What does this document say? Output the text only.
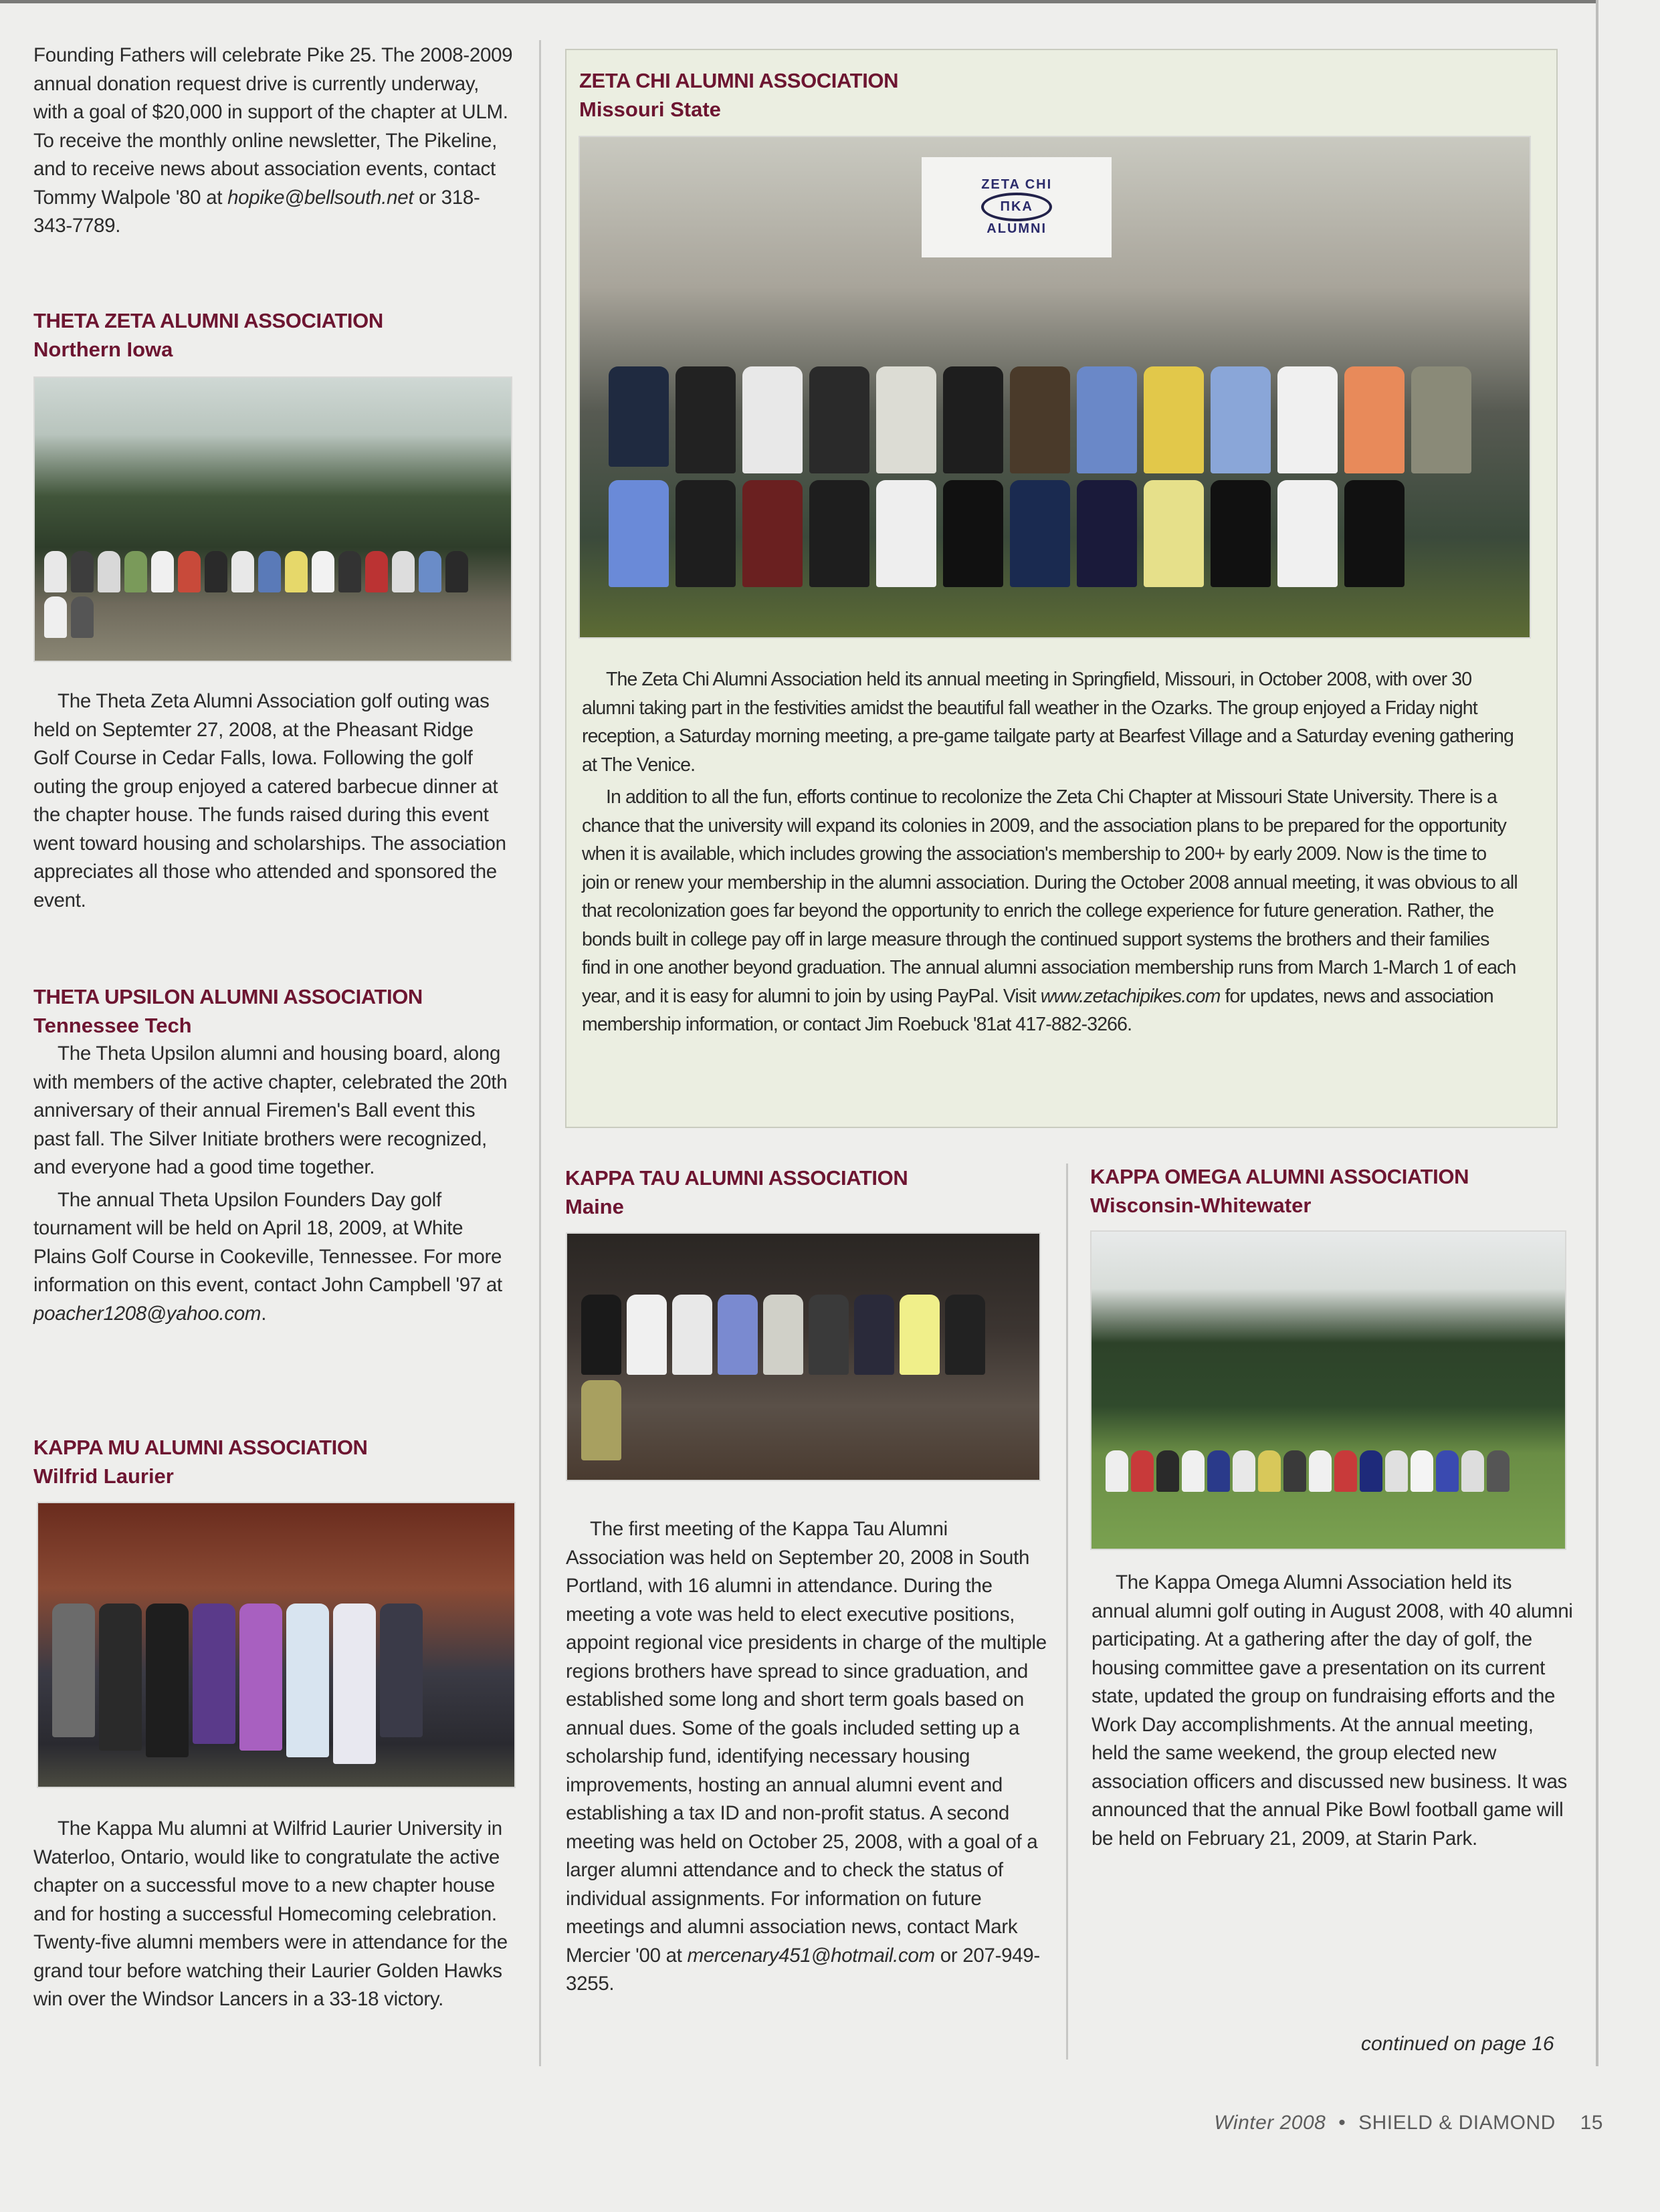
Founding Fathers will celebrate Pike 25. The 2008-2009 annual donation request drive is currently underway, with a goal of $20,000 in support of the chapter at ULM. To receive the monthly online newsletter, The Pikeline, and to receive news about association events, contact Tommy Walpole '80 at hopike@bellsouth.net or 318-343-7789.

THETA ZETA ALUMNI ASSOCIATION
Northern Iowa

The Theta Zeta Alumni Association golf outing was held on Septemter 27, 2008, at the Pheasant Ridge Golf Course in Cedar Falls, Iowa. Following the golf outing the group enjoyed a catered barbecue dinner at the chapter house. The funds raised during this event went toward housing and scholarships. The association appreciates all those who attended and sponsored the event.

THETA UPSILON ALUMNI ASSOCIATION
Tennessee Tech

The Theta Upsilon alumni and housing board, along with members of the active chapter, celebrated the 20th anniversary of their annual Firemen's Ball event this past fall. The Silver Initiate brothers were recognized, and everyone had a good time together.

The annual Theta Upsilon Founders Day golf tournament will be held on April 18, 2009, at White Plains Golf Course in Cookeville, Tennessee. For more information on this event, contact John Campbell '97 at poacher1208@yahoo.com.

KAPPA MU ALUMNI ASSOCIATION
Wilfrid Laurier

The Kappa Mu alumni at Wilfrid Laurier University in Waterloo, Ontario, would like to congratulate the active chapter on a successful move to a new chapter house and for hosting a successful Homecoming celebration. Twenty-five alumni members were in attendance for the grand tour before watching their Laurier Golden Hawks win over the Windsor Lancers in a 33-18 victory.

ZETA CHI ALUMNI ASSOCIATION
Missouri State
ZETA CHI
ΠΚΑ
ALUMNI

The Zeta Chi Alumni Association held its annual meeting in Springfield, Missouri, in October 2008, with over 30 alumni taking part in the festivities amidst the beautiful fall weather in the Ozarks. The group enjoyed a Friday night reception, a Saturday morning meeting, a pre-game tailgate party at Bearfest Village and a Saturday evening gathering at The Venice.

In addition to all the fun, efforts continue to recolonize the Zeta Chi Chapter at Missouri State University. There is a chance that the university will expand its colonies in 2009, and the association plans to be prepared for the opportunity when it is available, which includes growing the association's membership to 200+ by early 2009. Now is the time to join or renew your membership in the alumni association. During the October 2008 annual meeting, it was obvious to all that recolonization goes far beyond the opportunity to enrich the college experience for future generation. Rather, the bonds built in college pay off in large measure through the continued support systems the brothers and their families find in one another beyond graduation. The annual alumni association membership runs from March 1-March 1 of each year, and it is easy for alumni to join by using PayPal. Visit www.zetachipikes.com for updates, news and association membership information, or contact Jim Roebuck '81at 417-882-3266.

KAPPA TAU ALUMNI ASSOCIATION
Maine

The first meeting of the Kappa Tau Alumni Association was held on September 20, 2008 in South Portland, with 16 alumni in attendance. During the meeting a vote was held to elect executive positions, appoint regional vice presidents in charge of the multiple regions brothers have spread to since graduation, and established some long and short term goals based on annual dues. Some of the goals included setting up a scholarship fund, identifying necessary housing improvements, hosting an annual alumni event and establishing a tax ID and non-profit status. A second meeting was held on October 25, 2008, with a goal of a larger alumni attendance and to check the status of individual assignments. For information on future meetings and alumni association news, contact Mark Mercier '00 at mercenary451@hotmail.com or 207-949-3255.

KAPPA OMEGA ALUMNI ASSOCIATION
Wisconsin-Whitewater

The Kappa Omega Alumni Association held its annual alumni golf outing in August 2008, with 40 alumni participating. At a gathering after the day of golf, the housing committee gave a presentation on its current state, updated the group on fundraising efforts and the Work Day accomplishments. At the annual meeting, held the same weekend, the group elected new association officers and discussed new business. It was announced that the annual Pike Bowl football game will be held on February 21, 2009, at Starin Park.

continued on page 16
Winter 2008 • SHIELD & DIAMOND 15
